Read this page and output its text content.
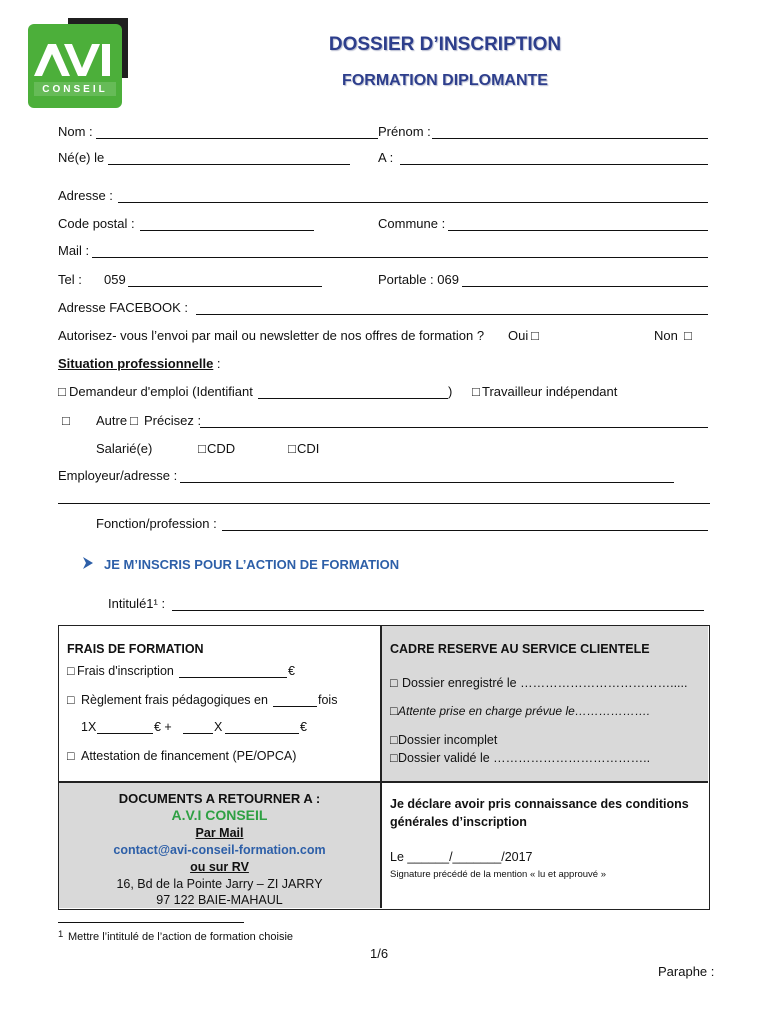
CONSEIL
DOSSIER D’INSCRIPTION
FORMATION DIPLOMANTE
Nom :	Prénom :
Né(e) le	A :
Adresse :
Code postal :	Commune :
Mail :
Tel : 059	Portable : 069
Adresse FACEBOOK :
Autorisez- vous l’envoi par mail ou newsletter de nos offres de formation ? Oui □	Non □
Situation professionnelle :
□ Demandeur d'emploi (Identifiant	) □ Travailleur indépendant
□ Autre □ Précisez :
Salarié(e)	□ CDD	□ CDI
Employeur/adresse :
Fonction/profession :
JE M’INSCRIS POUR L’ACTION DE FORMATION
Intitulé1¹ :
FRAIS DE FORMATION
□ Frais d'inscription	€
□ Règlement frais pédagogiques en	fois
1X	€ +	X	€
□ Attestation de financement (PE/OPCA)
CADRE RESERVE AU SERVICE CLIENTELE
□ Dossier enregistré le ……………………………….....
□ Attente prise en charge prévue le……………….
□ Dossier incomplet
□ Dossier validé le ………………………………..
DOCUMENTS A RETOURNER A :
A.V.I CONSEIL
Par Mail
contact@avi-conseil-formation.com
ou sur RV
16, Bd de la Pointe Jarry – ZI JARRY
97 122 BAIE-MAHAUL
Je déclare avoir pris connaissance des conditions
générales d’inscription
Le ______/_______/2017
Signature précédé de la mention « lu et approuvé »
1 Mettre l’intitulé de l’action de formation choisie
1/6
Paraphe :
